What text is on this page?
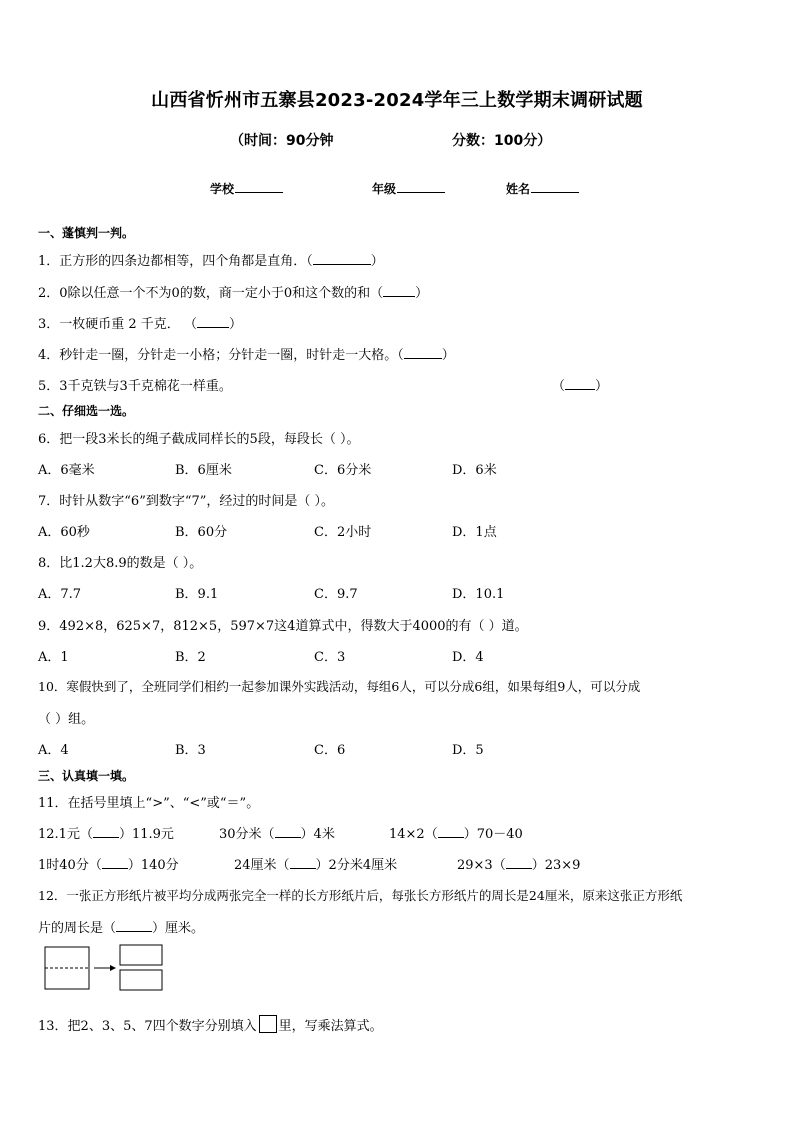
山西省忻州市五寨县2023-2024学年三上数学期末调研试题
（时间：90分钟	分数：100分）
学校	年级	姓名
一、蓬慎判一判。
1．正方形的四条边都相等，四个角都是直角．（	）
2．0除以任意一个不为0的数，商一定小于0和这个数的和（ ）
3．一枚硬币重 2 千克． （ ）
4．秒针走一圈，分针走一小格；分针走一圈，时针走一大格。（	）
5．3千克铁与3千克棉花一样重。	（ ）
二、仔细选一选。
6．把一段3米长的绳子截成同样长的5段，每段长（ ）。
A．6毫米	B．6厘米	C．6分米	D．6米
7．时针从数字“6”到数字“7”，经过的时间是（ ）。
A．60秒	B．60分	C．2小时	D．1点
8．比1.2大8.9的数是（ ）。
A．7.7	B．9.1	C．9.7	D．10.1
9．492×8，625×7，812×5，597×7这4道算式中，得数大于4000的有（ ）道。
A．1	B．2	C．3	D．4
10．寒假快到了，全班同学们相约一起参加课外实践活动，每组6人，可以分成6组，如果每组9人，可以分成
（ ）组。
A．4	B．3	C．6	D．5
三、认真填一填。
11．在括号里填上“>”、“<”或“＝”。
12.1元（ ）11.9元	30分米（ ）4米	14×2（ ）70－40
1时40分（ ）140分	24厘米（ ）2分米4厘米	29×3（ ）23×9
12．一张正方形纸片被平均分成两张完全一样的长方形纸片后，每张长方形纸片的周长是24厘米，原来这张正方形纸
片的周长是（	）厘米。
13．把2、3、5、7四个数字分别填入 里，写乘法算式。
